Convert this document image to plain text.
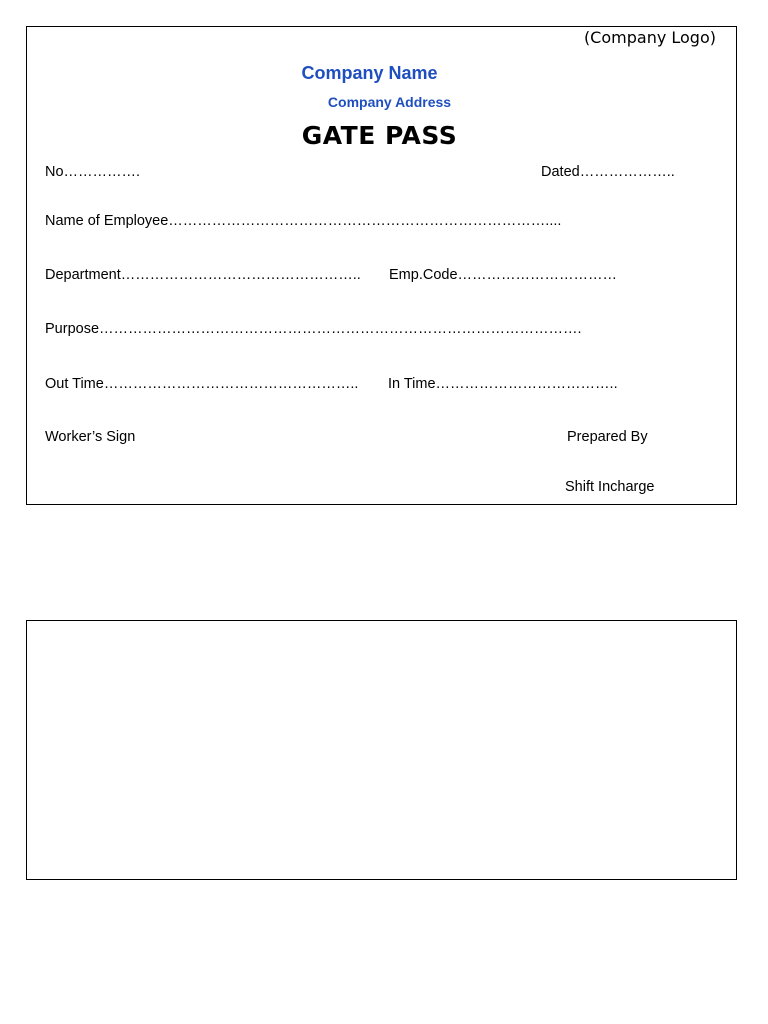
(Company Logo)
Company Name
Company Address
GATE PASS
No…………….	Dated………………..
Name of Employee……………………………………………………………………....
Department………………………………………….. Emp.Code……………………………
Purpose……………………………………………………………………………………….
Out Time…………………………………………….. In Time………………………………..
Worker’s Sign	Prepared By
Shift Incharge
